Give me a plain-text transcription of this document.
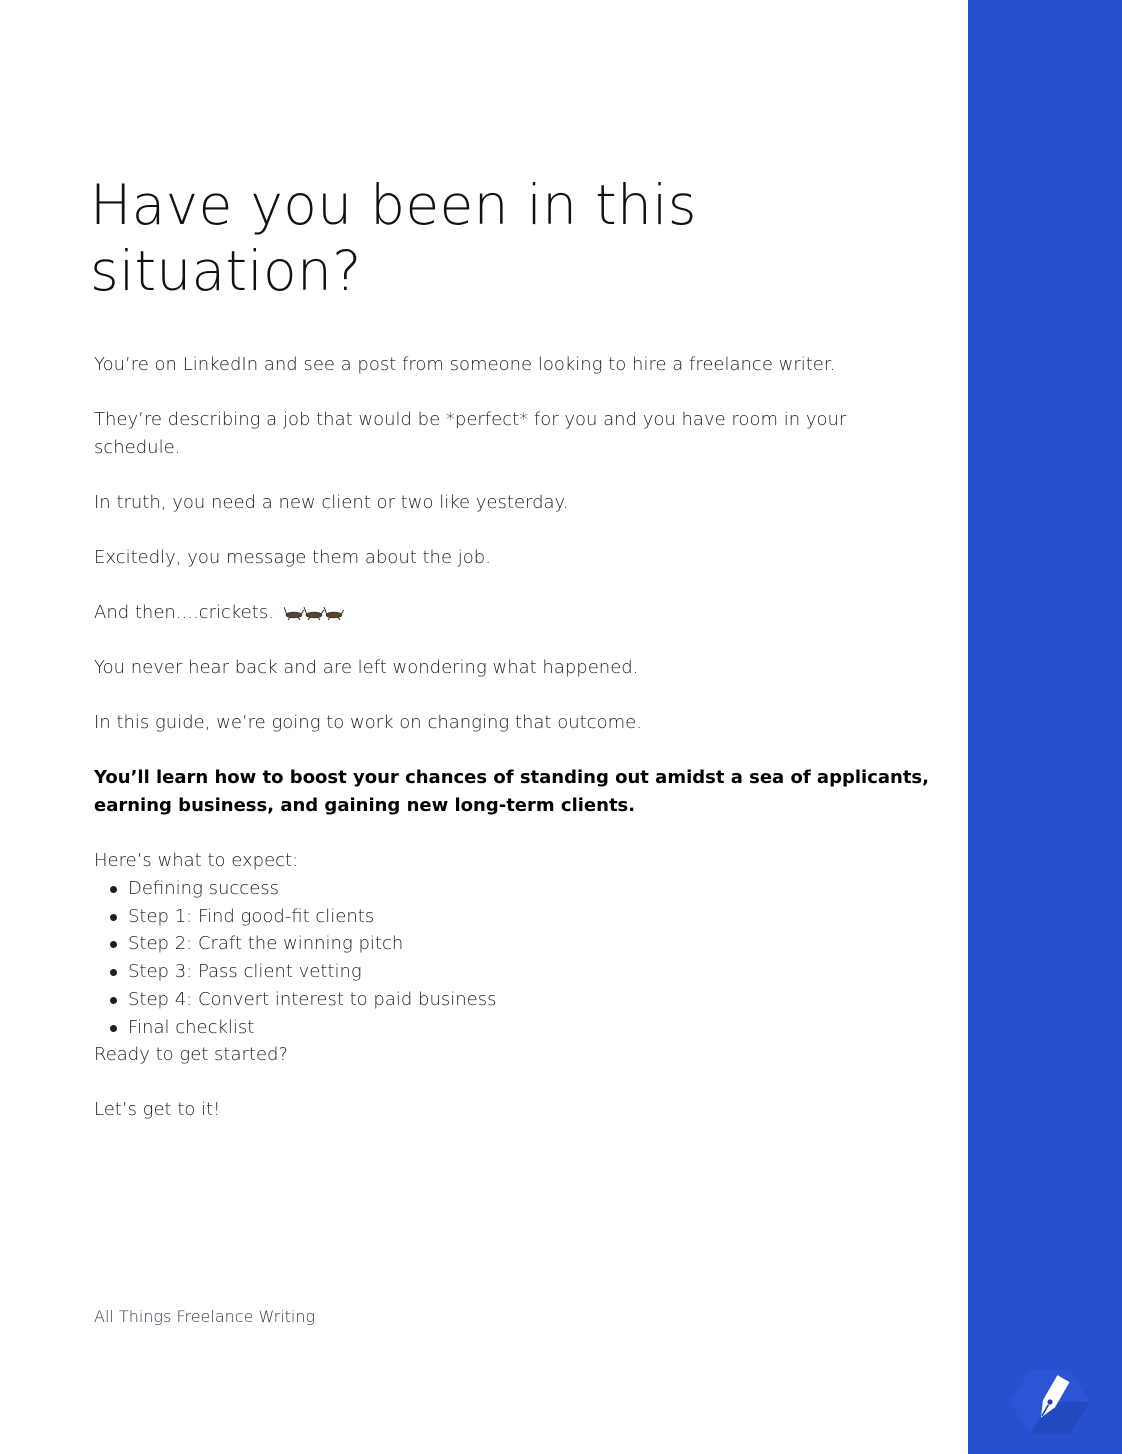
Have you been in this situation?

You’re on LinkedIn and see a post from someone looking to hire a freelance writer.

They’re describing a job that would be *perfect* for you and you have room in your schedule.

In truth, you need a new client or two like yesterday.

Excitedly, you message them about the job.

And then....crickets.

You never hear back and are left wondering what happened.

In this guide, we’re going to work on changing that outcome.

You’ll learn how to boost your chances of standing out amidst a sea of applicants, earning business, and gaining new long-term clients.

Here’s what to expect:

Defining success
Step 1: Find good-fit clients
Step 2: Craft the winning pitch
Step 3: Pass client vetting
Step 4: Convert interest to paid business
Final checklist

Ready to get started?

Let’s get to it!

All Things Freelance Writing
